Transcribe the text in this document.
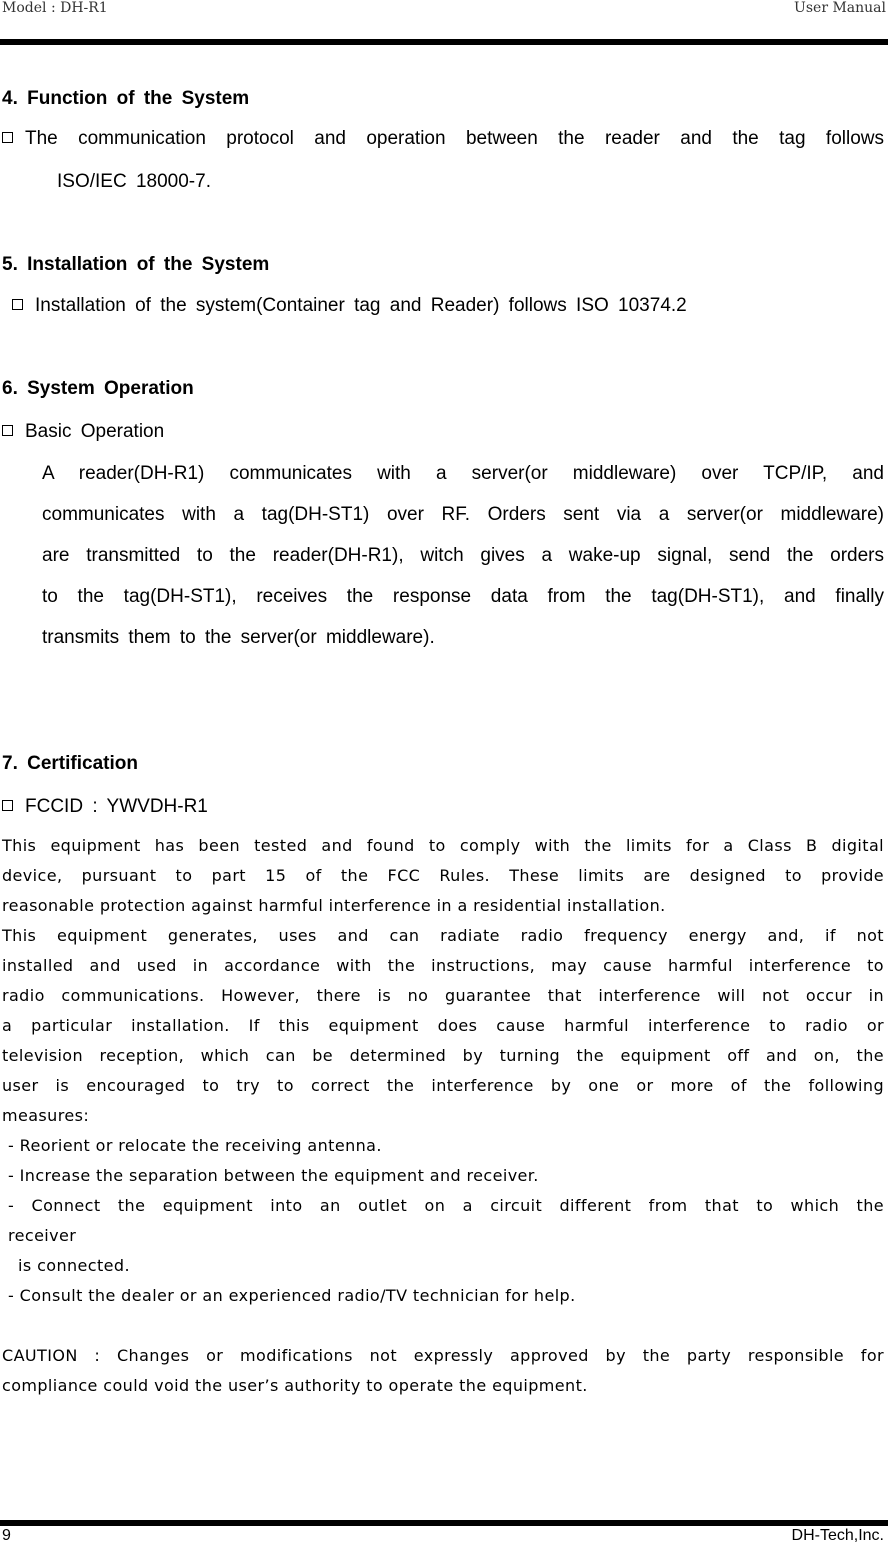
Model : DH-R1	User Manual
4. Function of the System
The communication protocol and operation between the reader and the tag follows
ISO/IEC 18000-7.
5. Installation of the System
Installation of the system(Container tag and Reader) follows ISO 10374.2
6. System Operation
Basic Operation
A reader(DH-R1) communicates with a server(or middleware) over TCP/IP, and
communicates with a tag(DH-ST1) over RF. Orders sent via a server(or middleware)
are transmitted to the reader(DH-R1), witch gives a wake-up signal, send the orders
to the tag(DH-ST1), receives the response data from the tag(DH-ST1), and finally
transmits them to the server(or middleware).
7. Certification
FCCID : YWVDH-R1
This equipment has been tested and found to comply with the limits for a Class B digital
device, pursuant to part 15 of the FCC Rules. These limits are designed to provide
reasonable protection against harmful interference in a residential installation.
This equipment generates, uses and can radiate radio frequency energy and, if not
installed and used in accordance with the instructions, may cause harmful interference to
radio communications. However, there is no guarantee that interference will not occur in
a particular installation. If this equipment does cause harmful interference to radio or
television reception, which can be determined by turning the equipment off and on, the
user is encouraged to try to correct the interference by one or more of the following
measures:
- Reorient or relocate the receiving antenna.
- Increase the separation between the equipment and receiver.
- Connect the equipment into an outlet on a circuit different from that to which the
receiver
is connected.
- Consult the dealer or an experienced radio/TV technician for help.
CAUTION : Changes or modifications not expressly approved by the party responsible for
compliance could void the user’s authority to operate the equipment.
9	DH-Tech,Inc.
